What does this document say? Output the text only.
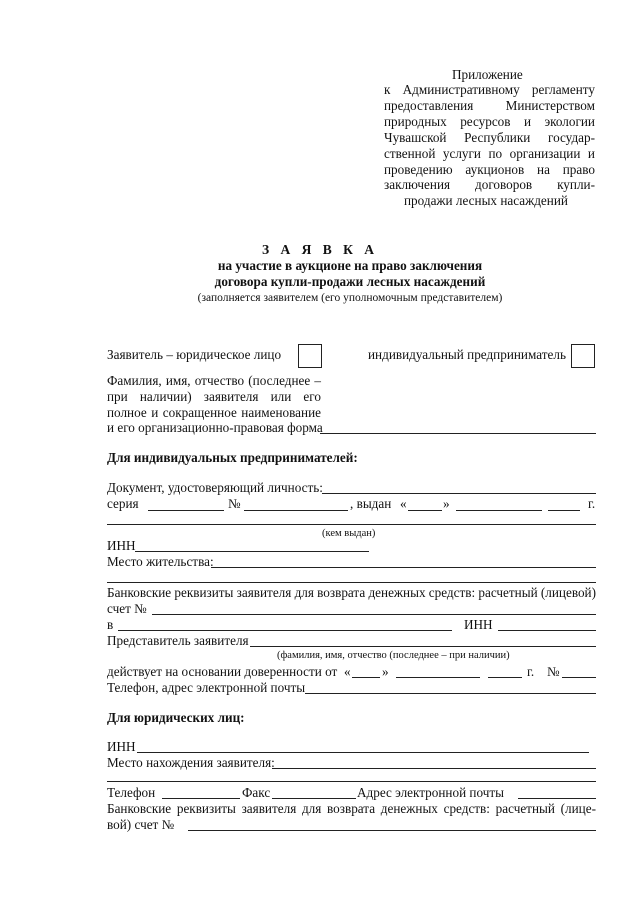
Приложение
к Административному регламенту
предоставления Министерством
природных ресурсов и экологии
Чувашской Республики государ-
ственной услуги по организации и
проведению аукционов на право
заключения договоров купли-
продажи лесных насаждений
З А Я В К А
на участие в аукционе на право заключения
договора купли-продажи лесных насаждений
(заполняется заявителем (его уполномочным представителем)
Заявитель – юридическое лицо	индивидуальный предприниматель
Фамилия, имя, отчество (последнее –
при наличии) заявителя или его
полное и сокращенное наименование
и его организационно-правовая форма
Для индивидуальных предпринимателей:
Документ, удостоверяющий личность:
серия	№	, выдан «	»	г.
(кем выдан)
ИНН
Место жительства:
Банковские реквизиты заявителя для возврата денежных средств: расчетный (лицевой)
счет №
в	ИНН
Представитель заявителя
(фамилия, имя, отчество (последнее – при наличии)
действует на основании доверенности от « »	г. №
Телефон, адрес электронной почты
Для юридических лиц:
ИНН
Место нахождения заявителя:
Телефон	Факс	Адрес электронной почты
Банковские реквизиты заявителя для возврата денежных средств: расчетный (лице-
вой) счет №
